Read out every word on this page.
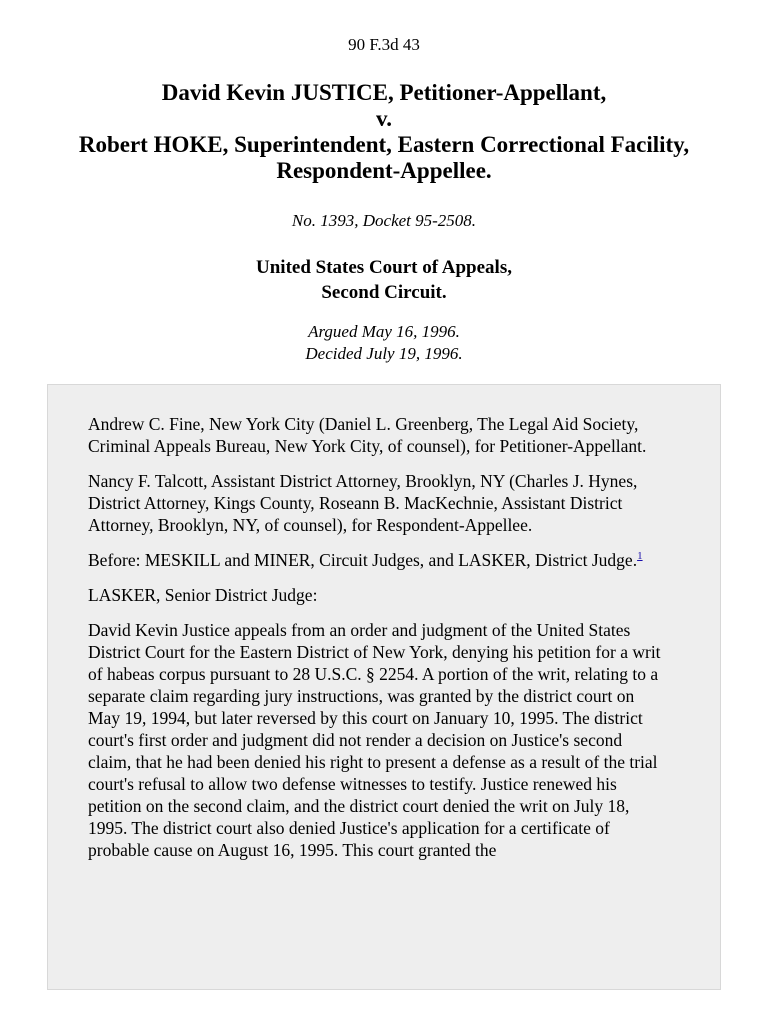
90 F.3d 43
David Kevin JUSTICE, Petitioner-Appellant,
v.
Robert HOKE, Superintendent, Eastern Correctional Facility,
Respondent-Appellee.
No. 1393, Docket 95-2508.
United States Court of Appeals,
Second Circuit.
Argued May 16, 1996.
Decided July 19, 1996.

Andrew C. Fine, New York City (Daniel L. Greenberg, The Legal Aid Society, Criminal Appeals Bureau, New York City, of counsel), for Petitioner-Appellant.

Nancy F. Talcott, Assistant District Attorney, Brooklyn, NY (Charles J. Hynes, District Attorney, Kings County, Roseann B. MacKechnie, Assistant District Attorney, Brooklyn, NY, of counsel), for Respondent-Appellee.

Before: MESKILL and MINER, Circuit Judges, and LASKER, District Judge.$^1$

LASKER, Senior District Judge:

David Kevin Justice appeals from an order and judgment of the United States District Court for the Eastern District of New York, denying his petition for a writ of habeas corpus pursuant to 28 U.S.C. § 2254. A portion of the writ, relating to a separate claim regarding jury instructions, was granted by the district court on May 19, 1994, but later reversed by this court on January 10, 1995. The district court's first order and judgment did not render a decision on Justice's second claim, that he had been denied his right to present a defense as a result of the trial court's refusal to allow two defense witnesses to testify. Justice renewed his petition on the second claim, and the district court denied the writ on July 18, 1995. The district court also denied Justice's application for a certificate of probable cause on August 16, 1995. This court granted the
